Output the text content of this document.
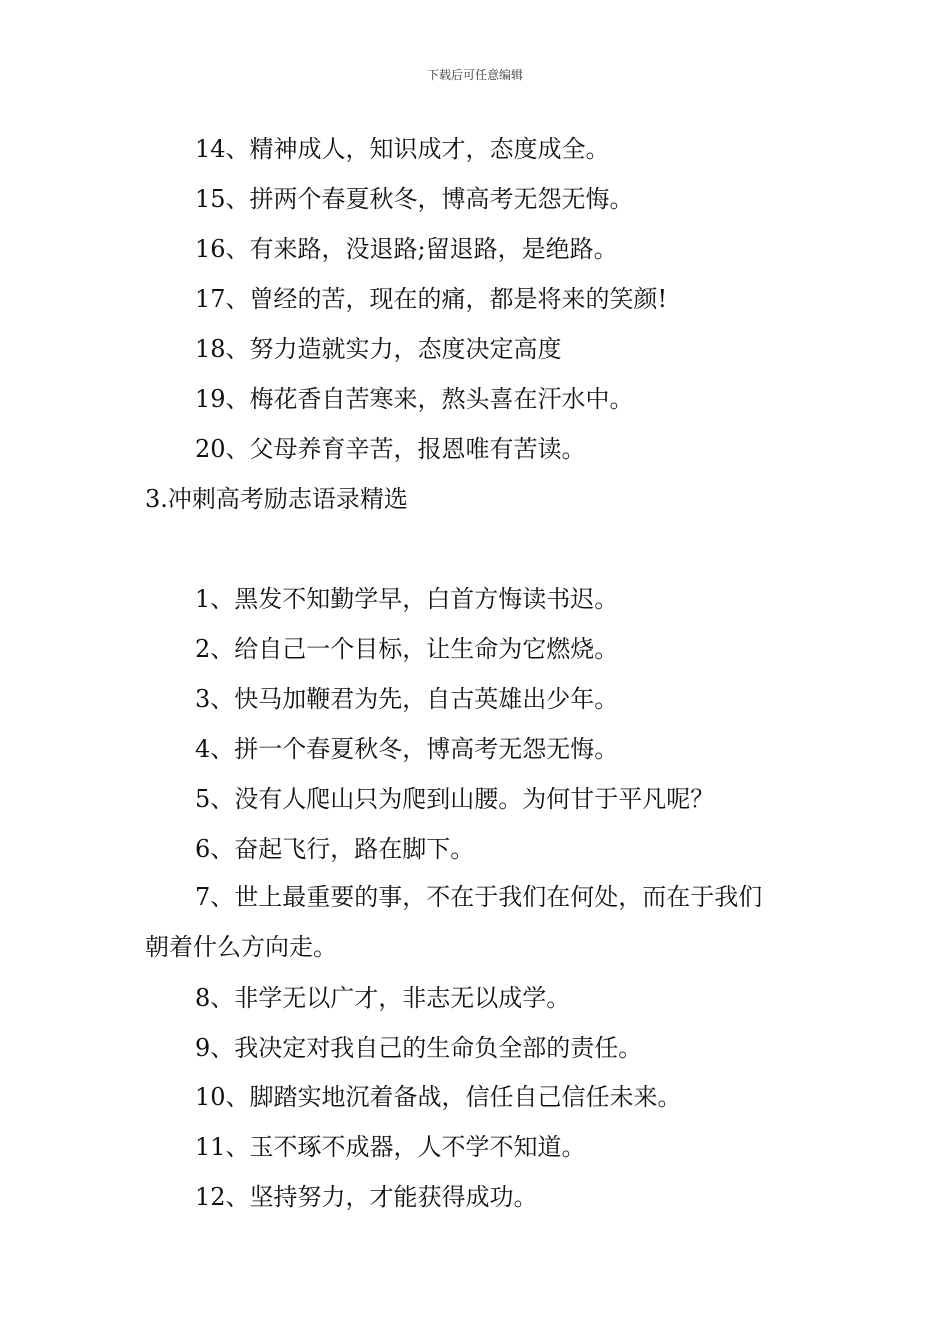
下载后可任意编辑
14、精神成人，知识成才，态度成全。
15、拼两个春夏秋冬，博高考无怨无悔。
16、有来路，没退路;留退路，是绝路。
17、曾经的苦，现在的痛，都是将来的笑颜!
18、努力造就实力，态度决定高度
19、梅花香自苦寒来，熬头喜在汗水中。
20、父母养育辛苦，报恩唯有苦读。
3.冲刺高考励志语录精选
1、黑发不知勤学早，白首方悔读书迟。
2、给自己一个目标，让生命为它燃烧。
3、快马加鞭君为先，自古英雄出少年。
4、拼一个春夏秋冬，博高考无怨无悔。
5、没有人爬山只为爬到山腰。为何甘于平凡呢？
6、奋起飞行，路在脚下。
7、世上最重要的事，不在于我们在何处，而在于我们
朝着什么方向走。
8、非学无以广才，非志无以成学。
9、我决定对我自己的生命负全部的责任。
10、脚踏实地沉着备战，信任自己信任未来。
11、玉不琢不成器，人不学不知道。
12、坚持努力，才能获得成功。
